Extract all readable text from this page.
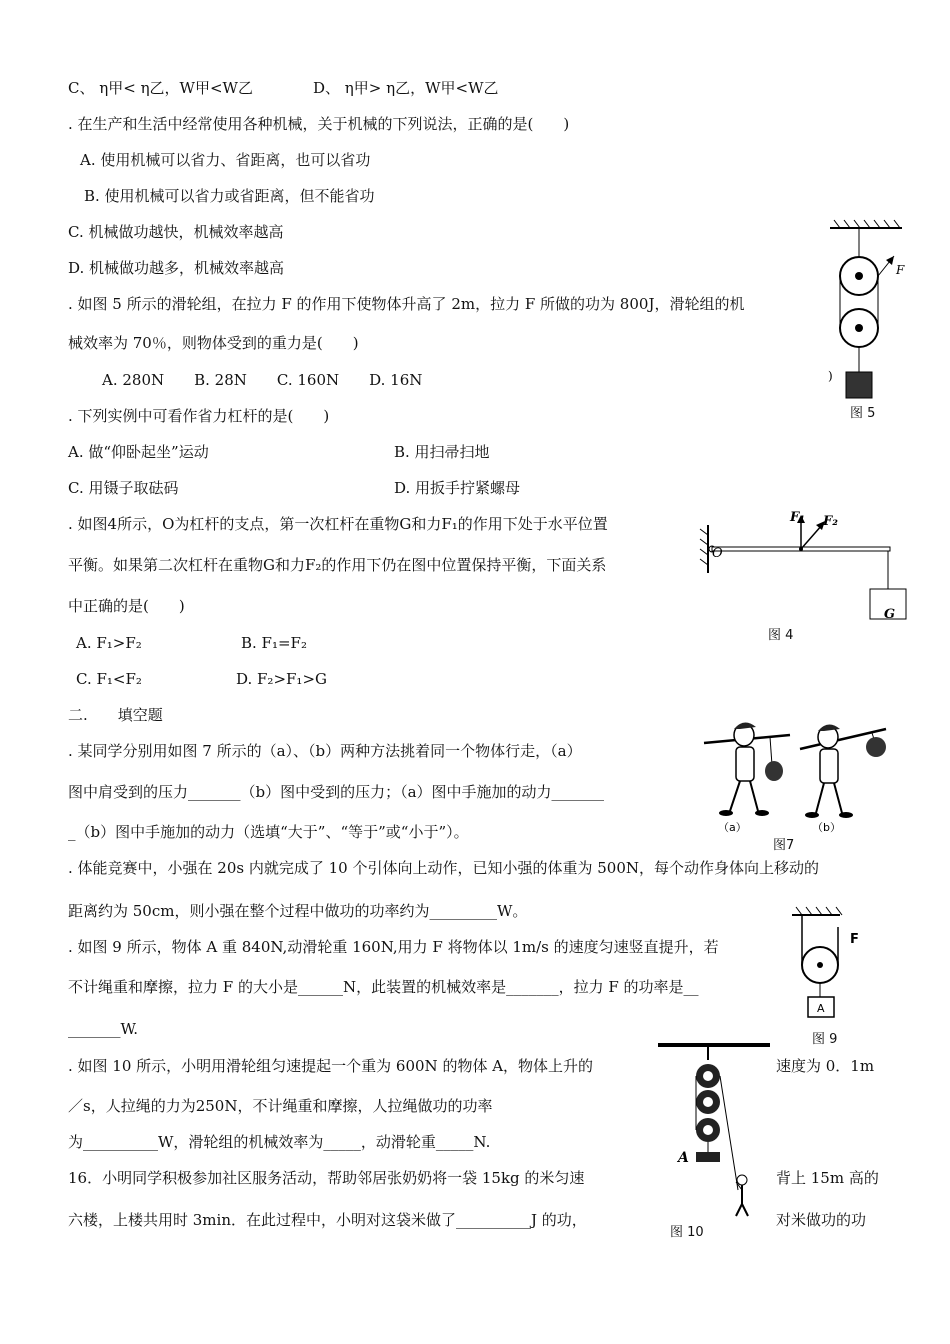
C、 η甲< η乙，W甲<W乙	D、 η甲> η乙，W甲<W乙
. 在生产和生活中经常使用各种机械，关于机械的下列说法，正确的是(　　)
A. 使用机械可以省力、省距离，也可以省功
B. 使用机械可以省力或省距离，但不能省功
C. 机械做功越快，机械效率越高
D. 机械做功越多，机械效率越高
. 如图 5 所示的滑轮组，在拉力 F 的作用下使物体升高了 2m，拉力 F 所做的功为 800J，滑轮组的机
械效率为 70％，则物体受到的重力是(　　)
A. 280N　　B. 28N　　C. 160N　　D. 16N
. 下列实例中可看作省力杠杆的是(　　)
A. 做“仰卧起坐”运动	B. 用扫帚扫地
C. 用镊子取砝码	D. 用扳手拧紧螺母
. 如图4所示，O为杠杆的支点，第一次杠杆在重物G和力F₁的作用下处于水平位置
平衡。如果第二次杠杆在重物G和力F₂的作用下仍在图中位置保持平衡，下面关系
中正确的是(　　)
A. F₁>F₂	B. F₁=F₂
C. F₁<F₂	D. F₂>F₁>G
二.　　填空题
. 某同学分别用如图 7 所示的（a）、（b）两种方法挑着同一个物体行走，（a）
图中肩受到的压力_______（b）图中受到的压力；（a）图中手施加的动力_______
_（b）图中手施加的动力（选填“大于”、“等于”或“小于”）。
. 体能竞赛中，小强在 20s 内就完成了 10 个引体向上动作，已知小强的体重为 500N，每个动作身体向上移动的
距离约为 50cm，则小强在整个过程中做功的功率约为_________W。
. 如图 9 所示，物体 A 重 840N,动滑轮重 160N,用力 F 将物体以 1m/s 的速度匀速竖直提升，若
不计绳重和摩擦，拉力 F 的大小是______N，此装置的机械效率是_______，拉力 F 的功率是__
_______W.
. 如图 10 所示，小明用滑轮组匀速提起一个重为 600N 的物体 A，物体上升的	速度为 0．1m
／s，人拉绳的力为250N，不计绳重和摩擦，人拉绳做功的功率
为__________W，滑轮组的机械效率为_____，动滑轮重_____N.
16．小明同学积极参加社区服务活动，帮助邻居张奶奶将一袋 15kg 的米匀速	背上 15m 高的
六楼，上楼共用时 3min．在此过程中，小明对这袋米做了__________J 的功，	对米做功的功
F
)
图 5
F₁ F₂
O
G
图 4
（a）	（b）
图7
A
F
图 9
A
图 10
